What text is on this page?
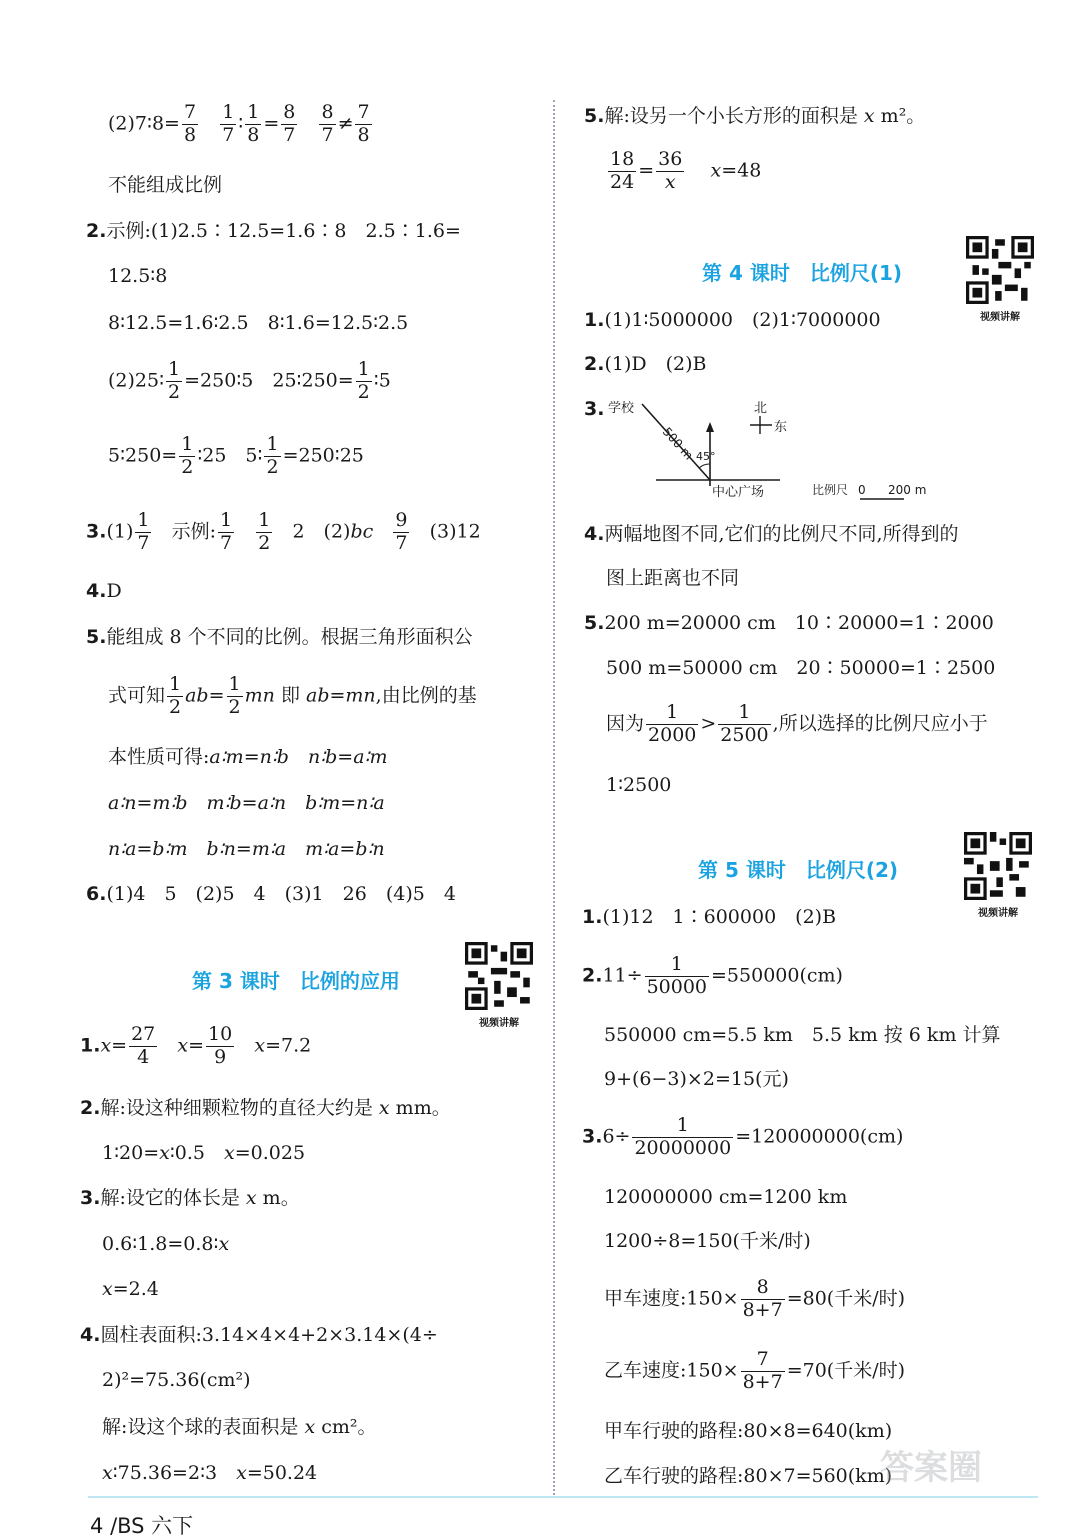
(2)7∶8= $\frac{7}{8}$
$\frac{1}{7}$ ∶ $\frac{1}{8} = \frac{8}{7}$
$\frac{8}{7} \ne \frac{7}{8}$
不能组成比例
2.示例:(1)2.5∶12.5=1.6∶8　2.5∶1.6=
12.5∶8
8∶12.5=1.6∶2.5　8∶1.6=12.5∶2.5
(2)25∶ $\frac{1}{2}$ =250∶5　25∶250= $\frac{1}{2}$ ∶5
5∶250= $\frac{1}{2}$ ∶25　5∶ $\frac{1}{2}$ =250∶25
$3.(1) \frac{1}{7}$ 示例: $\frac{1}{7}$
$\frac{1}{2} 2$　$(2)bc \frac{9}{7} (3)12$
4.D
5.能组成 8 个不同的比例。根据三角形面积公
式可知 $\frac{1}{2} ab= \frac{1}{2}$ mn 即 ab=mn,由比例的基
本性质可得:a∶m=n∶b　n∶b=a∶m
a∶n=m∶b　m∶b=a∶n　b∶m=n∶a
n∶a=b∶m　b∶n=m∶a　m∶a=b∶n
6.(1)4　5　(2)5　4　(3)1　26　(4)5　4
第 3 课时　比例的应用
视频讲解
$1.x= \frac{27}{4} x= \frac{10}{9} x=7.2$
2.解:设这种细颗粒物的直径大约是 x mm。
1∶20=x∶0.5　x=0.025
3.解:设它的体长是 x m。
0.6∶1.8=0.8∶x
x=2.4
4.圆柱表面积:3.14×4×4+2×3.14×(4÷
2)²=75.36(cm²)
解:设这个球的表面积是 x cm²。
x∶75.36=2∶3　x=50.24
5.解:设另一个小长方形的面积是 x m²。
$\frac{18}{24} = \frac{36}{x} x=48$
第 4 课时　比例尺(1)
视频讲解
1.(1)1∶5000000　(2)1∶7000000
2.(1)D　(2)B
3. 学校
500 m 45°
中心广场
北
东
比例尺 0 200 m
4.两幅地图不同,它们的比例尺不同,所得到的
图上距离也不同
5.200 m=20000 cm　10∶20000=1∶2000
500 m=50000 cm　20∶50000=1∶2500
因为 $\frac{1}{2000} > \frac{1}{2500}$ ,所以选择的比例尺应小于
1∶2500
第 5 课时　比例尺(2)
视频讲解
1.(1)12　1∶600000　(2)B
$2.11\div \frac{1}{50000} =550000(cm)$
550000 cm=5.5 km　5.5 km 按 6 km 计算
9+(6−3)×2=15(元)
$3.6\div \frac{1}{20000000} =120000000(cm)$
120000000 cm=1200 km
1200÷8=150(千米/时)
甲车速度:150× $\frac{8}{8+7} =80$(千米/时)
乙车速度:150× $\frac{7}{8+7} =70$(千米/时)
甲车行驶的路程:80×8=640(km)
乙车行驶的路程:80×7=560(km)
答案圈
4 /BS 六下
